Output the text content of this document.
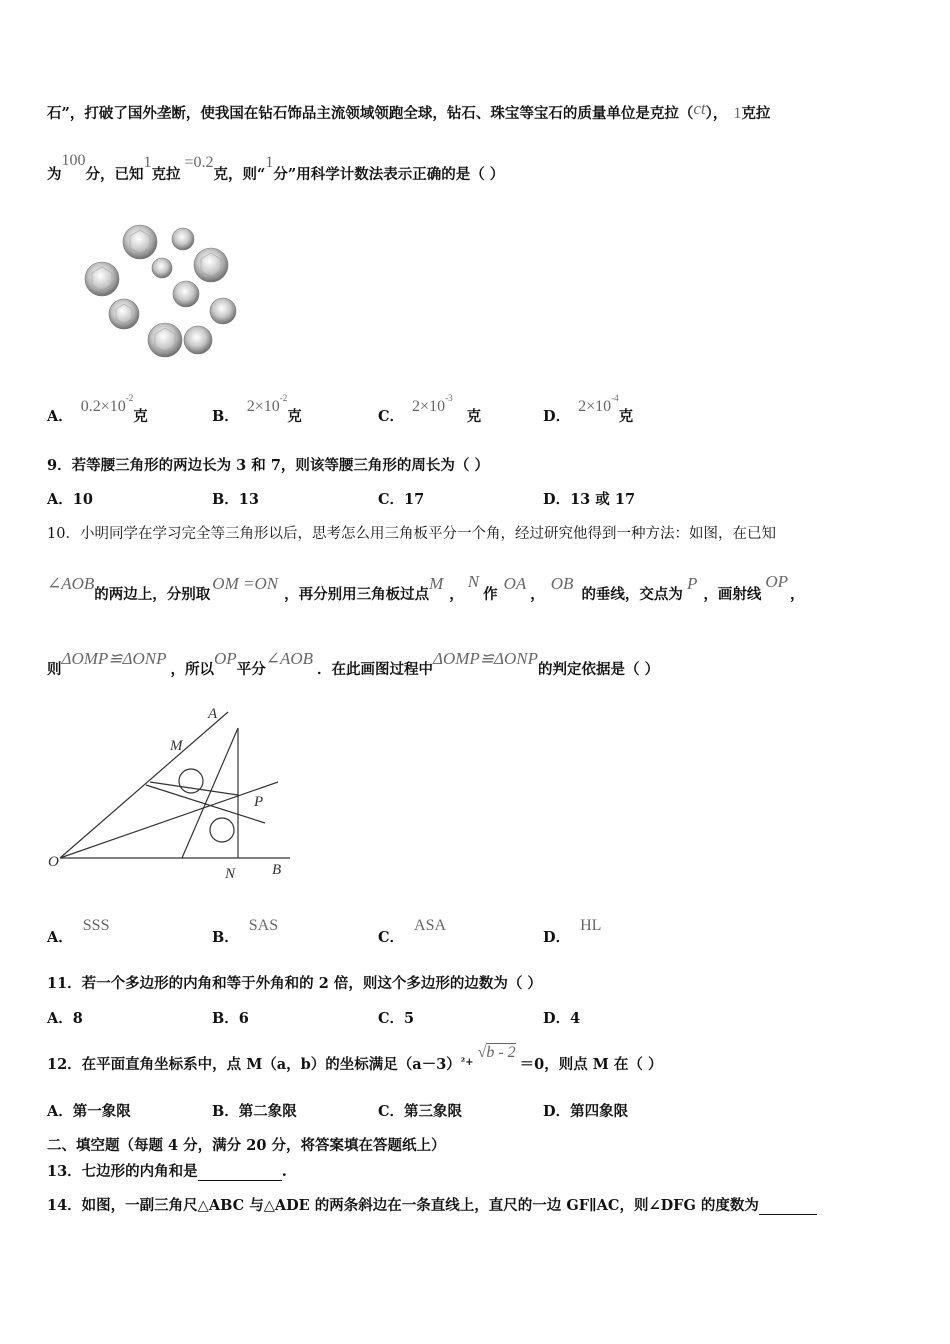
石”，打破了国外垄断，使我国在钻石饰品主流领域领跑全球，钻石、珠宝等宝石的质量单位是克拉（ct）， 1克拉
为100分，已知1克拉=0.2克，则“1分”用科学计数法表示正确的是（ ）
A．$0.2\times 10^{-2}$克	B．$2\times 10^{-2}$克	C．$2\times 10^{-3}$克	D．$2\times 10^{-4}$克
9．若等腰三角形的两边长为 3 和 7，则该等腰三角形的周长为（ ）
A．10	B．13	C．17	D．13 或 17
10．小明同学在学习完全等三角形以后，思考怎么用三角板平分一个角，经过研究他得到一种方法：如图，在已知
∠AOB的两边上，分别取OM =ON，再分别用三角板过点M，N作OA，OB的垂线，交点为P，画射线OP，
则ΔOMP≌ΔONP，所以OP平分∠AOB．在此画图过程中ΔOMP≌ΔONP的判定依据是（ ）
A
M
P
O
N B
A．SSS
B．SAS
C．ASA
D．HL
11．若一个多边形的内角和等于外角和的 2 倍，则这个多边形的边数为（ ）
A．8	B．6	C．5	D．4
12．在平面直角坐标系中，点 M（a，b）的坐标满足$(a-3)^{^2+}√b - 2=0$，则点 M 在（ ）
A．第一象限	B．第二象限	C．第三象限	D．第四象限
二、填空题（每题 4 分，满分 20 分，将答案填在答题纸上）
13．七边形的内角和是	.
14．如图，一副三角尺△ABC 与△ADE 的两条斜边在一条直线上，直尺的一边 GF∥AC，则∠DFG 的度数为
